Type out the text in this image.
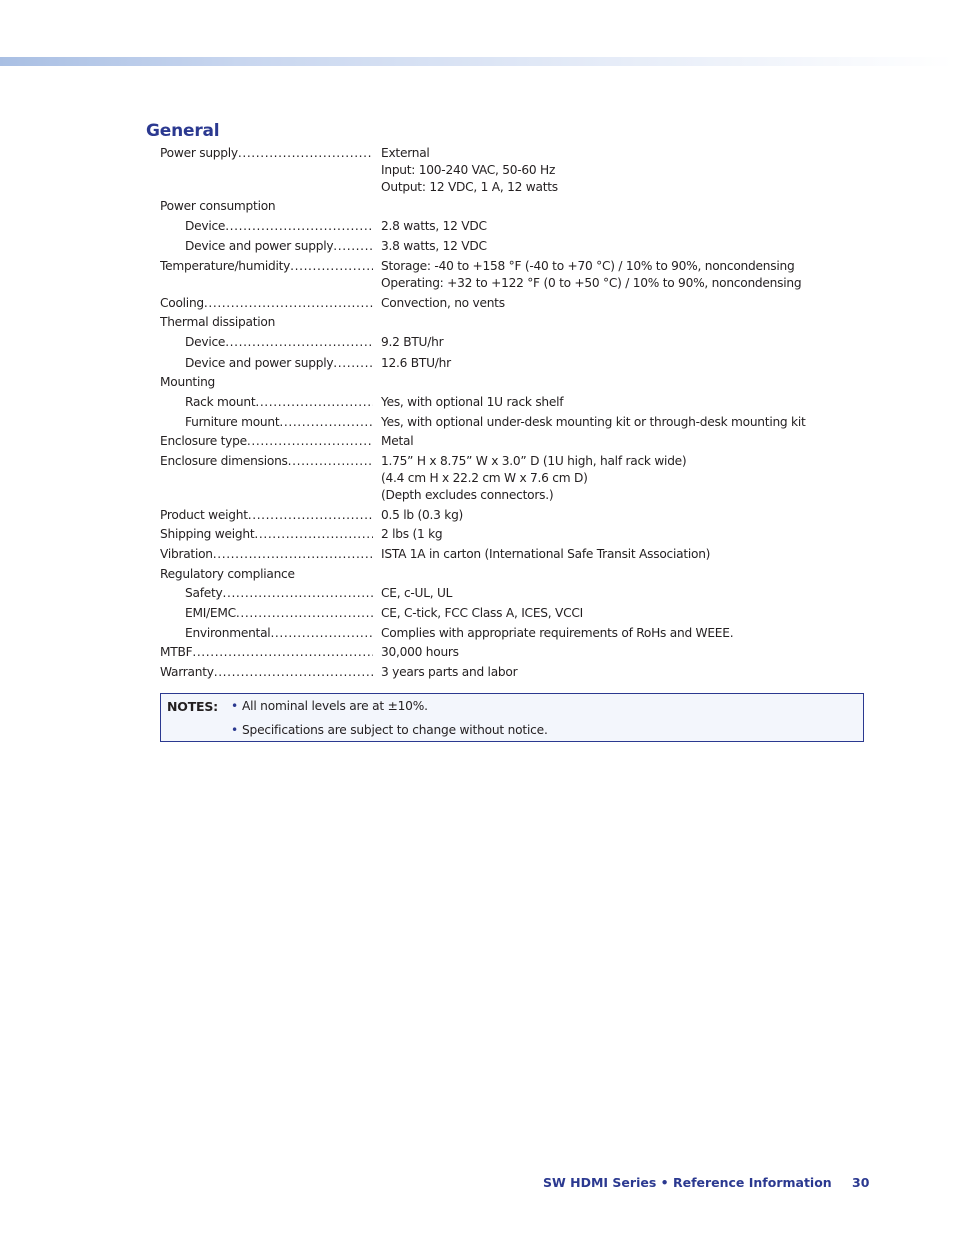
General
Power supply .....	External
Input: 100-240 VAC, 50-60 Hz
Output: 12 VDC, 1 A, 12 watts
Power consumption
Device .....	2.8 watts, 12 VDC
Device and power supply .....	3.8 watts, 12 VDC
Temperature/humidity .....	Storage: -40 to +158 °F (-40 to +70 °C) / 10% to 90%, noncondensing
Operating: +32 to +122 °F (0 to +50 °C) / 10% to 90%, noncondensing
Cooling .....	Convection, no vents
Thermal dissipation
Device .....	9.2 BTU/hr
Device and power supply .....	12.6 BTU/hr
Mounting
Rack mount .....	Yes, with optional 1U rack shelf
Furniture mount .....	Yes, with optional under-desk mounting kit or through-desk mounting kit
Enclosure type .....	Metal
Enclosure dimensions .....	1.75” H x 8.75” W x 3.0” D (1U high, half rack wide)
(4.4 cm H x 22.2 cm W x 7.6 cm D)
(Depth excludes connectors.)
Product weight .....	0.5 lb (0.3 kg)
Shipping weight .....	2 lbs (1 kg
Vibration .....	ISTA 1A in carton (International Safe Transit Association)
Regulatory compliance
Safety .....	CE, c-UL, UL
EMI/EMC .....	CE, C-tick, FCC Class A, ICES, VCCI
Environmental .....	Complies with appropriate requirements of RoHs and WEEE.
MTBF .....	30,000 hours
Warranty .....	3 years parts and labor
NOTES: • All nominal levels are at ±10%.
• Specifications are subject to change without notice.
SW HDMI Series • Reference Information 30
